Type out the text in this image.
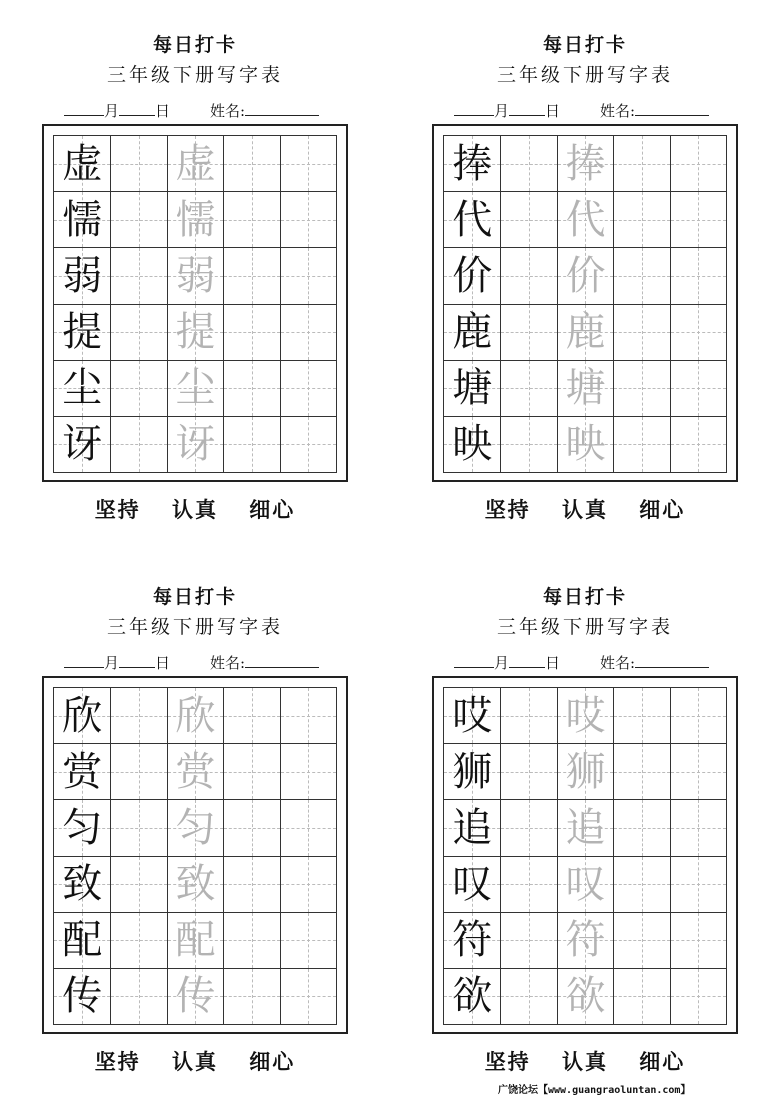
每日打卡
三年级下册写字表
月 日	姓名:
虚 虚
懦 懦
弱 弱
提 提
尘 尘
讶 讶
坚持 认真 细心
每日打卡
三年级下册写字表
月 日	姓名:
捧 捧
代 代
价 价
鹿 鹿
塘 塘
映 映
坚持 认真 细心
每日打卡
三年级下册写字表
月 日	姓名:
欣 欣
赏 赏
匀 匀
致 致
配 配
传 传
坚持 认真 细心
每日打卡
三年级下册写字表
月 日	姓名:
哎 哎
狮 狮
追 追
叹 叹
符 符
欲 欲
坚持 认真 细心
广饶论坛【www.guangraoluntan.com】
